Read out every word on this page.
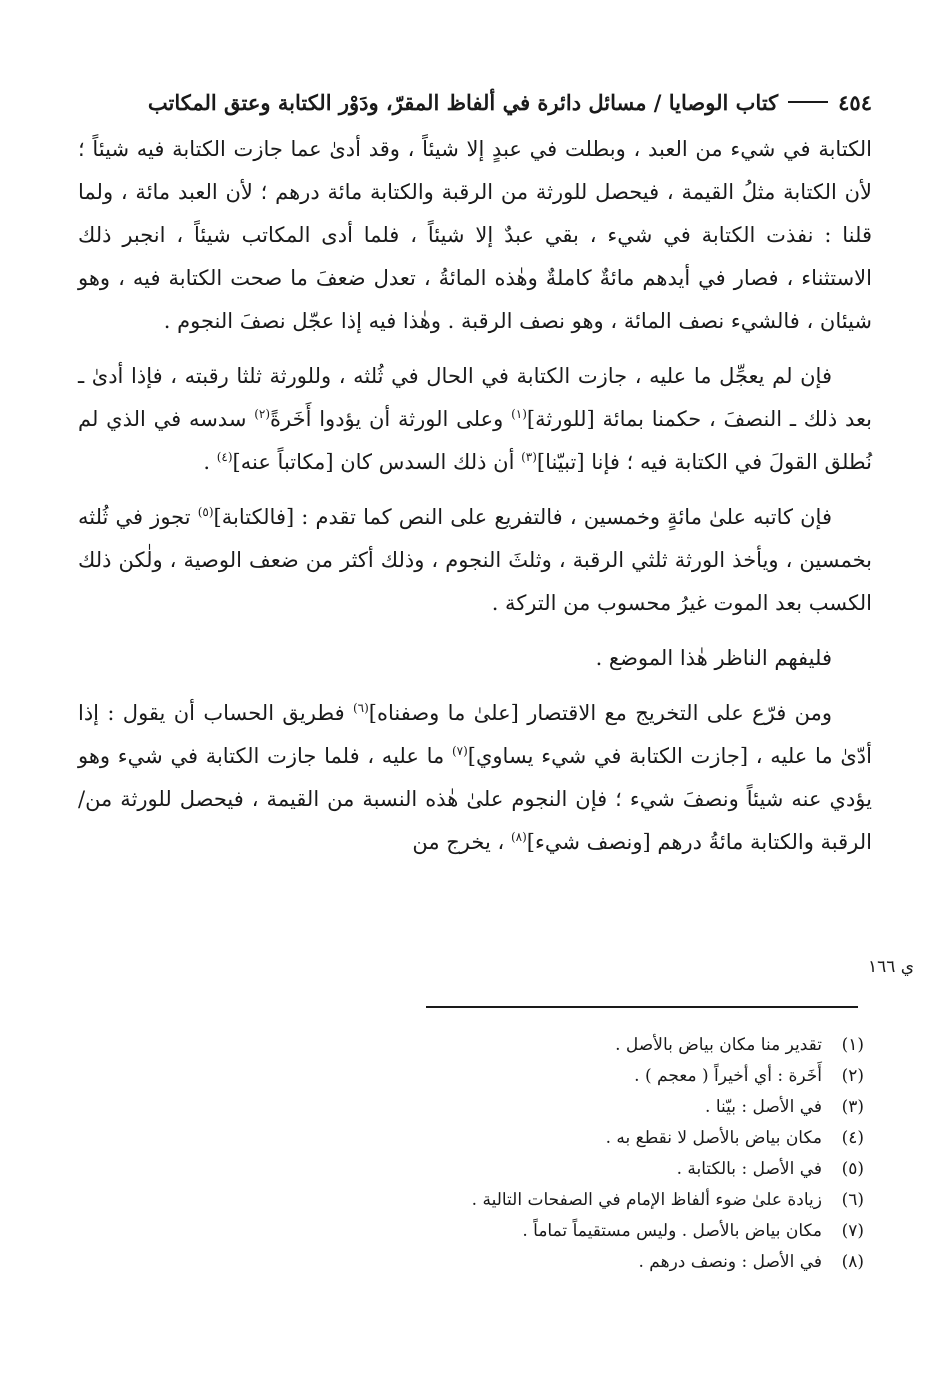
٤٥٤
كتاب الوصايا / مسائل دائرة في ألفاظ المقرّ، ودَوْر الكتابة وعتق المكاتب

الكتابة في شيء من العبد ، وبطلت في عبدٍ إلا شيئاً ، وقد أدىٰ عما جازت الكتابة فيه شيئاً ؛ لأن الكتابة مثلُ القيمة ، فيحصل للورثة من الرقبة والكتابة مائة درهم ؛ لأن العبد مائة ، ولما قلنا : نفذت الكتابة في شيء ، بقي عبدٌ إلا شيئاً ، فلما أدى المكاتب شيئاً ، انجبر ذلك الاستثناء ، فصار في أيدهم مائةٌ كاملةٌ وهٰذه المائةُ ، تعدل ضعفَ ما صحت الكتابة فيه ، وهو شيئان ، فالشيء نصف المائة ، وهو نصف الرقبة . وهٰذا فيه إذا عجّل نصفَ النجوم .

فإن لم يعجِّل ما عليه ، جازت الكتابة في الحال في ثُلثه ، وللورثة ثلثا رقبته ، فإذا أدىٰ ـ بعد ذلك ـ النصفَ ، حكمنا بمائة [للورثة]$^{(١)}$ وعلى الورثة أن يؤدوا أَخَرةً$^{(٢)}$ سدسه في الذي لم نُطلق القولَ في الكتابة فيه ؛ فإنا [تبيّنا]$^{(٣)}$ أن ذلك السدس كان [مكاتباً عنه]$^{(٤)}$ .

فإن كاتبه علىٰ مائةٍ وخمسين ، فالتفريع على النص كما تقدم : [فالكتابة]$^{(٥)}$ تجوز في ثُلثه بخمسين ، ويأخذ الورثة ثلثي الرقبة ، وثلثَ النجوم ، وذلك أكثر من ضعف الوصية ، ولٰكن ذلك الكسب بعد الموت غيرُ محسوب من التركة .

فليفهم الناظر هٰذا الموضع .

ومن فرّع على التخريج مع الاقتصار [علىٰ ما وصفناه]$^{(٦)}$ فطريق الحساب أن يقول : إذا أدّىٰ ما عليه ، [جازت الكتابة في شيء يساوي]$^{(٧)}$ ما عليه ، فلما جازت الكتابة في شيء وهو يؤدي عنه شيئاً ونصفَ شيء ؛ فإن النجوم علىٰ هٰذه النسبة من القيمة ، فيحصل للورثة من/ الرقبة والكتابة مائةُ درهم [ونصف شيء]$^{(٨)}$ ، يخرج من

ي ١٦٦
(١)
تقدير منا مكان بياض بالأصل .
(٢)
أَخَرة : أي أخيراً ( معجم ) .
(٣)
في الأصل : بيّنا .
(٤)
مكان بياض بالأصل لا نقطع به .
(٥)
في الأصل : بالكتابة .
(٦)
زيادة علىٰ ضوء ألفاظ الإمام في الصفحات التالية .
(٧)
مكان بياض بالأصل . وليس مستقيماً تماماً .
(٨)
في الأصل : ونصف درهم .
